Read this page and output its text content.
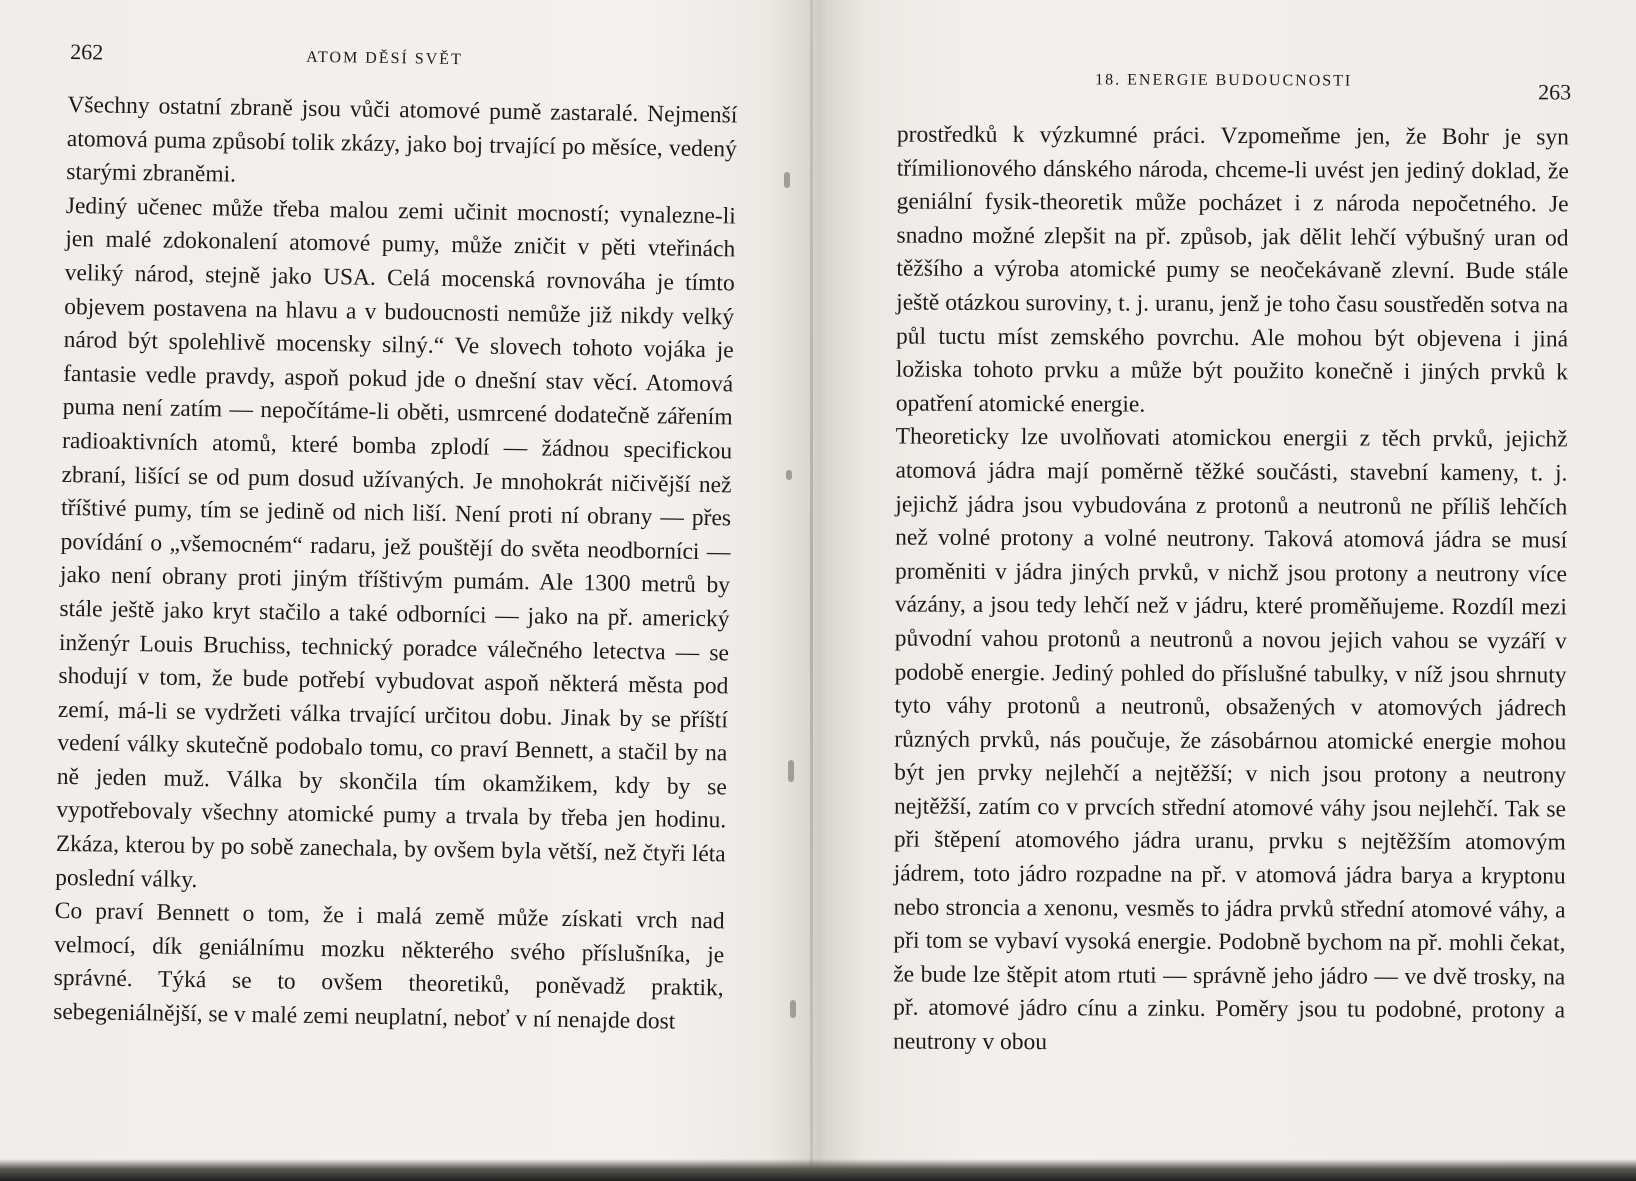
262	ATOM DĚSÍ SVĚT

Všechny ostatní zbraně jsou vůči atomové pumě zastaralé. Nejmenší atomová puma způsobí tolik zkázy, jako boj trvající po měsíce, vedený starými zbraněmi.

Jediný učenec může třeba malou zemi učinit mocností; vynalezne-li jen malé zdokonalení atomové pumy, může zničit v pěti vteřinách veliký národ, stejně jako USA. Celá mocenská rovnováha je tímto objevem postavena na hlavu a v budoucnosti nemůže již nikdy velký národ být spolehlivě mocensky silný.“ Ve slovech tohoto vojáka je fantasie vedle pravdy, aspoň pokud jde o dnešní stav věcí. Atomová puma není zatím — nepočítáme-li oběti, usmrcené dodatečně zářením radioaktivních atomů, které bomba zplodí — žádnou specifickou zbraní, lišící se od pum dosud užívaných. Je mnohokrát ničivější než tříštivé pumy, tím se jedině od nich liší. Není proti ní obrany — přes povídání o „všemocném“ radaru, jež pouštějí do světa neodborníci — jako není obrany proti jiným tříštivým pumám. Ale 1300 metrů by stále ještě jako kryt stačilo a také odborníci — jako na př. americký inženýr Louis Bruchiss, technický poradce válečného letectva — se shodují v tom, že bude potřebí vybudovat aspoň některá města pod zemí, má-li se vydržeti válka trvající určitou dobu. Jinak by se příští vedení války skutečně podobalo tomu, co praví Bennett, a stačil by na ně jeden muž. Válka by skončila tím okamžikem, kdy by se vypotřebovaly všechny atomické pumy a trvala by třeba jen hodinu. Zkáza, kterou by po sobě zanechala, by ovšem byla větší, než čtyři léta poslední války.

Co praví Bennett o tom, že i malá země může získati vrch nad velmocí, dík geniálnímu mozku některého svého příslušníka, je správné. Týká se to ovšem theoretiků, poněvadž praktik, sebegeniálnější, se v malé zemi neuplatní, neboť v ní nenajde dost

18. ENERGIE BUDOUCNOSTI	263

prostředků k výzkumné práci. Vzpomeňme jen, že Bohr je syn třímilionového dánského národa, chceme-li uvést jen jediný doklad, že geniální fysik-theoretik může pocházet i z národa nepočetného. Je snadno možné zlepšit na př. způsob, jak dělit lehčí výbušný uran od těžšího a výroba atomické pumy se neočekávaně zlevní. Bude stále ještě otázkou suroviny, t. j. uranu, jenž je toho času soustředěn sotva na půl tuctu míst zemského povrchu. Ale mohou být objevena i jiná ložiska tohoto prvku a může být použito konečně i jiných prvků k opatření atomické energie.

Theoreticky lze uvolňovati atomickou energii z těch prvků, jejichž atomová jádra mají poměrně těžké součásti, stavební kameny, t. j. jejichž jádra jsou vybudována z protonů a neutronů ne příliš lehčích než volné protony a volné neutrony. Taková atomová jádra se musí proměniti v jádra jiných prvků, v nichž jsou protony a neutrony více vázány, a jsou tedy lehčí než v jádru, které proměňujeme. Rozdíl mezi původní vahou protonů a neutronů a novou jejich vahou se vyzáří v podobě energie. Jediný pohled do příslušné tabulky, v níž jsou shrnuty tyto váhy protonů a neutronů, obsažených v atomových jádrech různých prvků, nás poučuje, že zásobárnou atomické energie mohou být jen prvky nejlehčí a nejtěžší; v nich jsou protony a neutrony nejtěžší, zatím co v prvcích střední atomové váhy jsou nejlehčí. Tak se při štěpení atomového jádra uranu, prvku s nejtěžším atomovým jádrem, toto jádro rozpadne na př. v atomová jádra barya a kryptonu nebo stroncia a xenonu, vesměs to jádra prvků střední atomové váhy, a při tom se vybaví vysoká energie. Podobně bychom na př. mohli čekat, že bude lze štěpit atom rtuti — správně jeho jádro — ve dvě trosky, na př. atomové jádro cínu a zinku. Poměry jsou tu podobné, protony a neutrony v obou
